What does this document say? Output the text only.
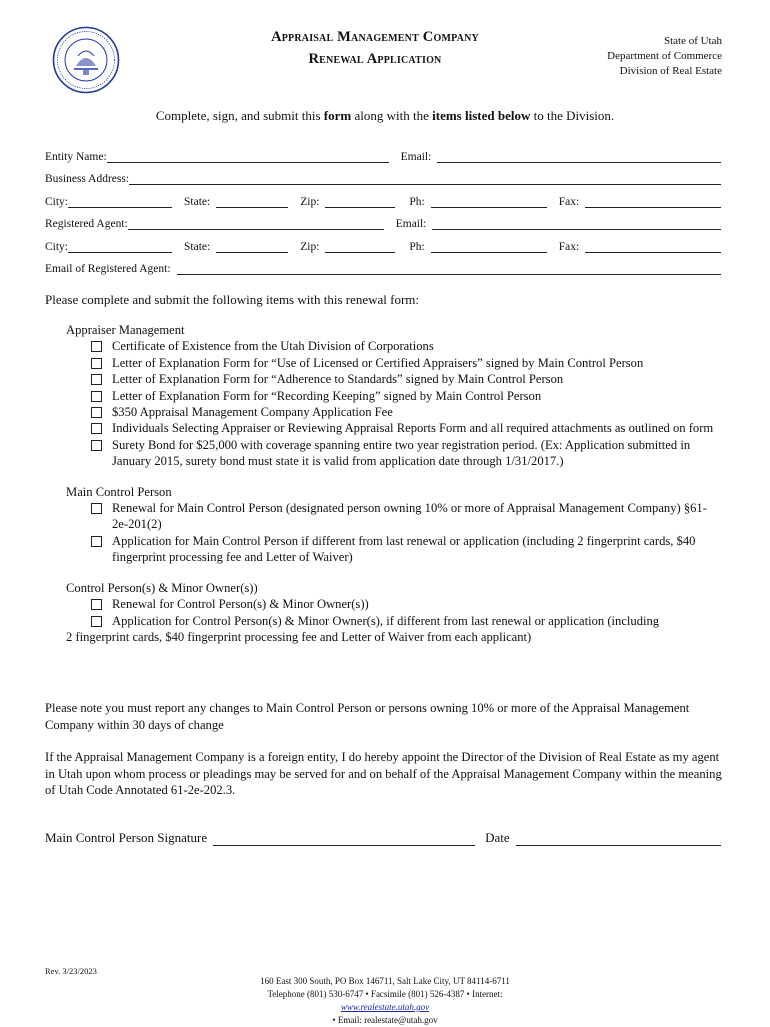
Appraisal Management Company
Renewal Application
State of Utah
Department of Commerce
Division of Real Estate
Complete, sign, and submit this form along with the items listed below to the Division.
Entity Name:	Email:
Business Address:
City:	State:	Zip:	Ph:	Fax:
Registered Agent:	Email:
City:	State:	Zip:	Ph:	Fax:
Email of Registered Agent:
Please complete and submit the following items with this renewal form:
Appraiser Management
Certificate of Existence from the Utah Division of Corporations
Letter of Explanation Form for “Use of Licensed or Certified Appraisers” signed by Main Control Person
Letter of Explanation Form for “Adherence to Standards” signed by Main Control Person
Letter of Explanation Form for “Recording Keeping” signed by Main Control Person
$350 Appraisal Management Company Application Fee
Individuals Selecting Appraiser or Reviewing Appraisal Reports Form and all required attachments as outlined on form
Surety Bond for $25,000 with coverage spanning entire two year registration period. (Ex: Application submitted in January 2015, surety bond must state it is valid from application date through 1/31/2017.)
Main Control Person
Renewal for Main Control Person (designated person owning 10% or more of Appraisal Management Company) §61-2e-201(2)
Application for Main Control Person if different from last renewal or application (including 2 fingerprint cards, $40 fingerprint processing fee and Letter of Waiver)
Control Person(s) & Minor Owner(s))
Renewal for Control Person(s) & Minor Owner(s))
Application for Control Person(s) & Minor Owner(s), if different from last renewal or application (including
2 fingerprint cards, $40 fingerprint processing fee and Letter of Waiver from each applicant)
Please note you must report any changes to Main Control Person or persons owning 10% or more of the Appraisal Management Company within 30 days of change
If the Appraisal Management Company is a foreign entity, I do hereby appoint the Director of the Division of Real Estate as my agent in Utah upon whom process or pleadings may be served for and on behalf of the Appraisal Management Company within the meaning of Utah Code Annotated 61-2e-202.3.
Main Control Person Signature	Date
Rev. 3/23/2023
160 East 300 South, PO Box 146711, Salt Lake City, UT 84114-6711
Telephone (801) 530-6747 • Facsimile (801) 526-4387 • Internet:
www.realestate.utah.gov
• Email: realestate@utah.gov
